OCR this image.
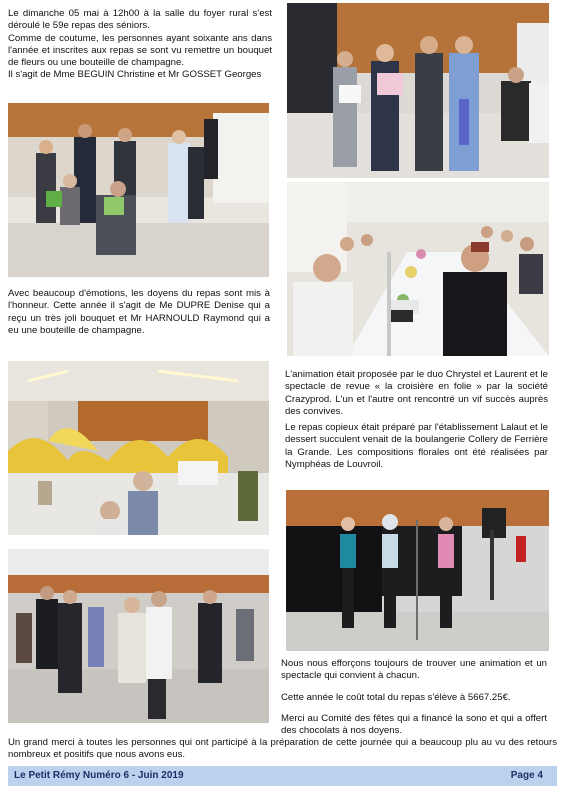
Le dimanche 05 mai à 12h00 à la salle du foyer rural s'est déroulé le 59e repas des séniors.

Comme de coutume, les personnes ayant soixante ans dans l'année et inscrites aux repas se sont vu remettre un bouquet de fleurs ou une bouteille de champagne.

Il s'agit de Mme BEGUIN Christine et Mr GOSSET Georges

Avec beaucoup d'émotions, les doyens du repas sont mis à l'honneur. Cette année il s'agit de Me DUPRE Denise qui a reçu un très joli bouquet et Mr HARNOULD Raymond qui a eu une bouteille de champagne.

L'animation était proposée par le duo Chrystel et Laurent et le spectacle de revue « la croisière en folie » par la société Crazyprod. L'un et l'autre ont rencontré un vif succès auprès des convives.

Le repas copieux était préparé par l'établissement Lalaut et le dessert succulent venait de la boulangerie Collery de Ferrière la Grande. Les compositions florales ont été réalisées par Nymphéas de Louvroil.

Nous nous efforçons toujours de trouver une animation et un spectacle qui convient à chacun.

Cette année le coût total du repas s'élève à 5667.25€.

Merci au Comité des fêtes qui a financé la sono et qui a offert des chocolats à nos doyens.

Un grand merci à toutes les personnes qui ont participé à la préparation de cette journée qui a beaucoup plu au vu des retours nombreux et positifs que nous avons eus.

Le Petit Rémy Numéro 6 - Juin 2019	Page 4
